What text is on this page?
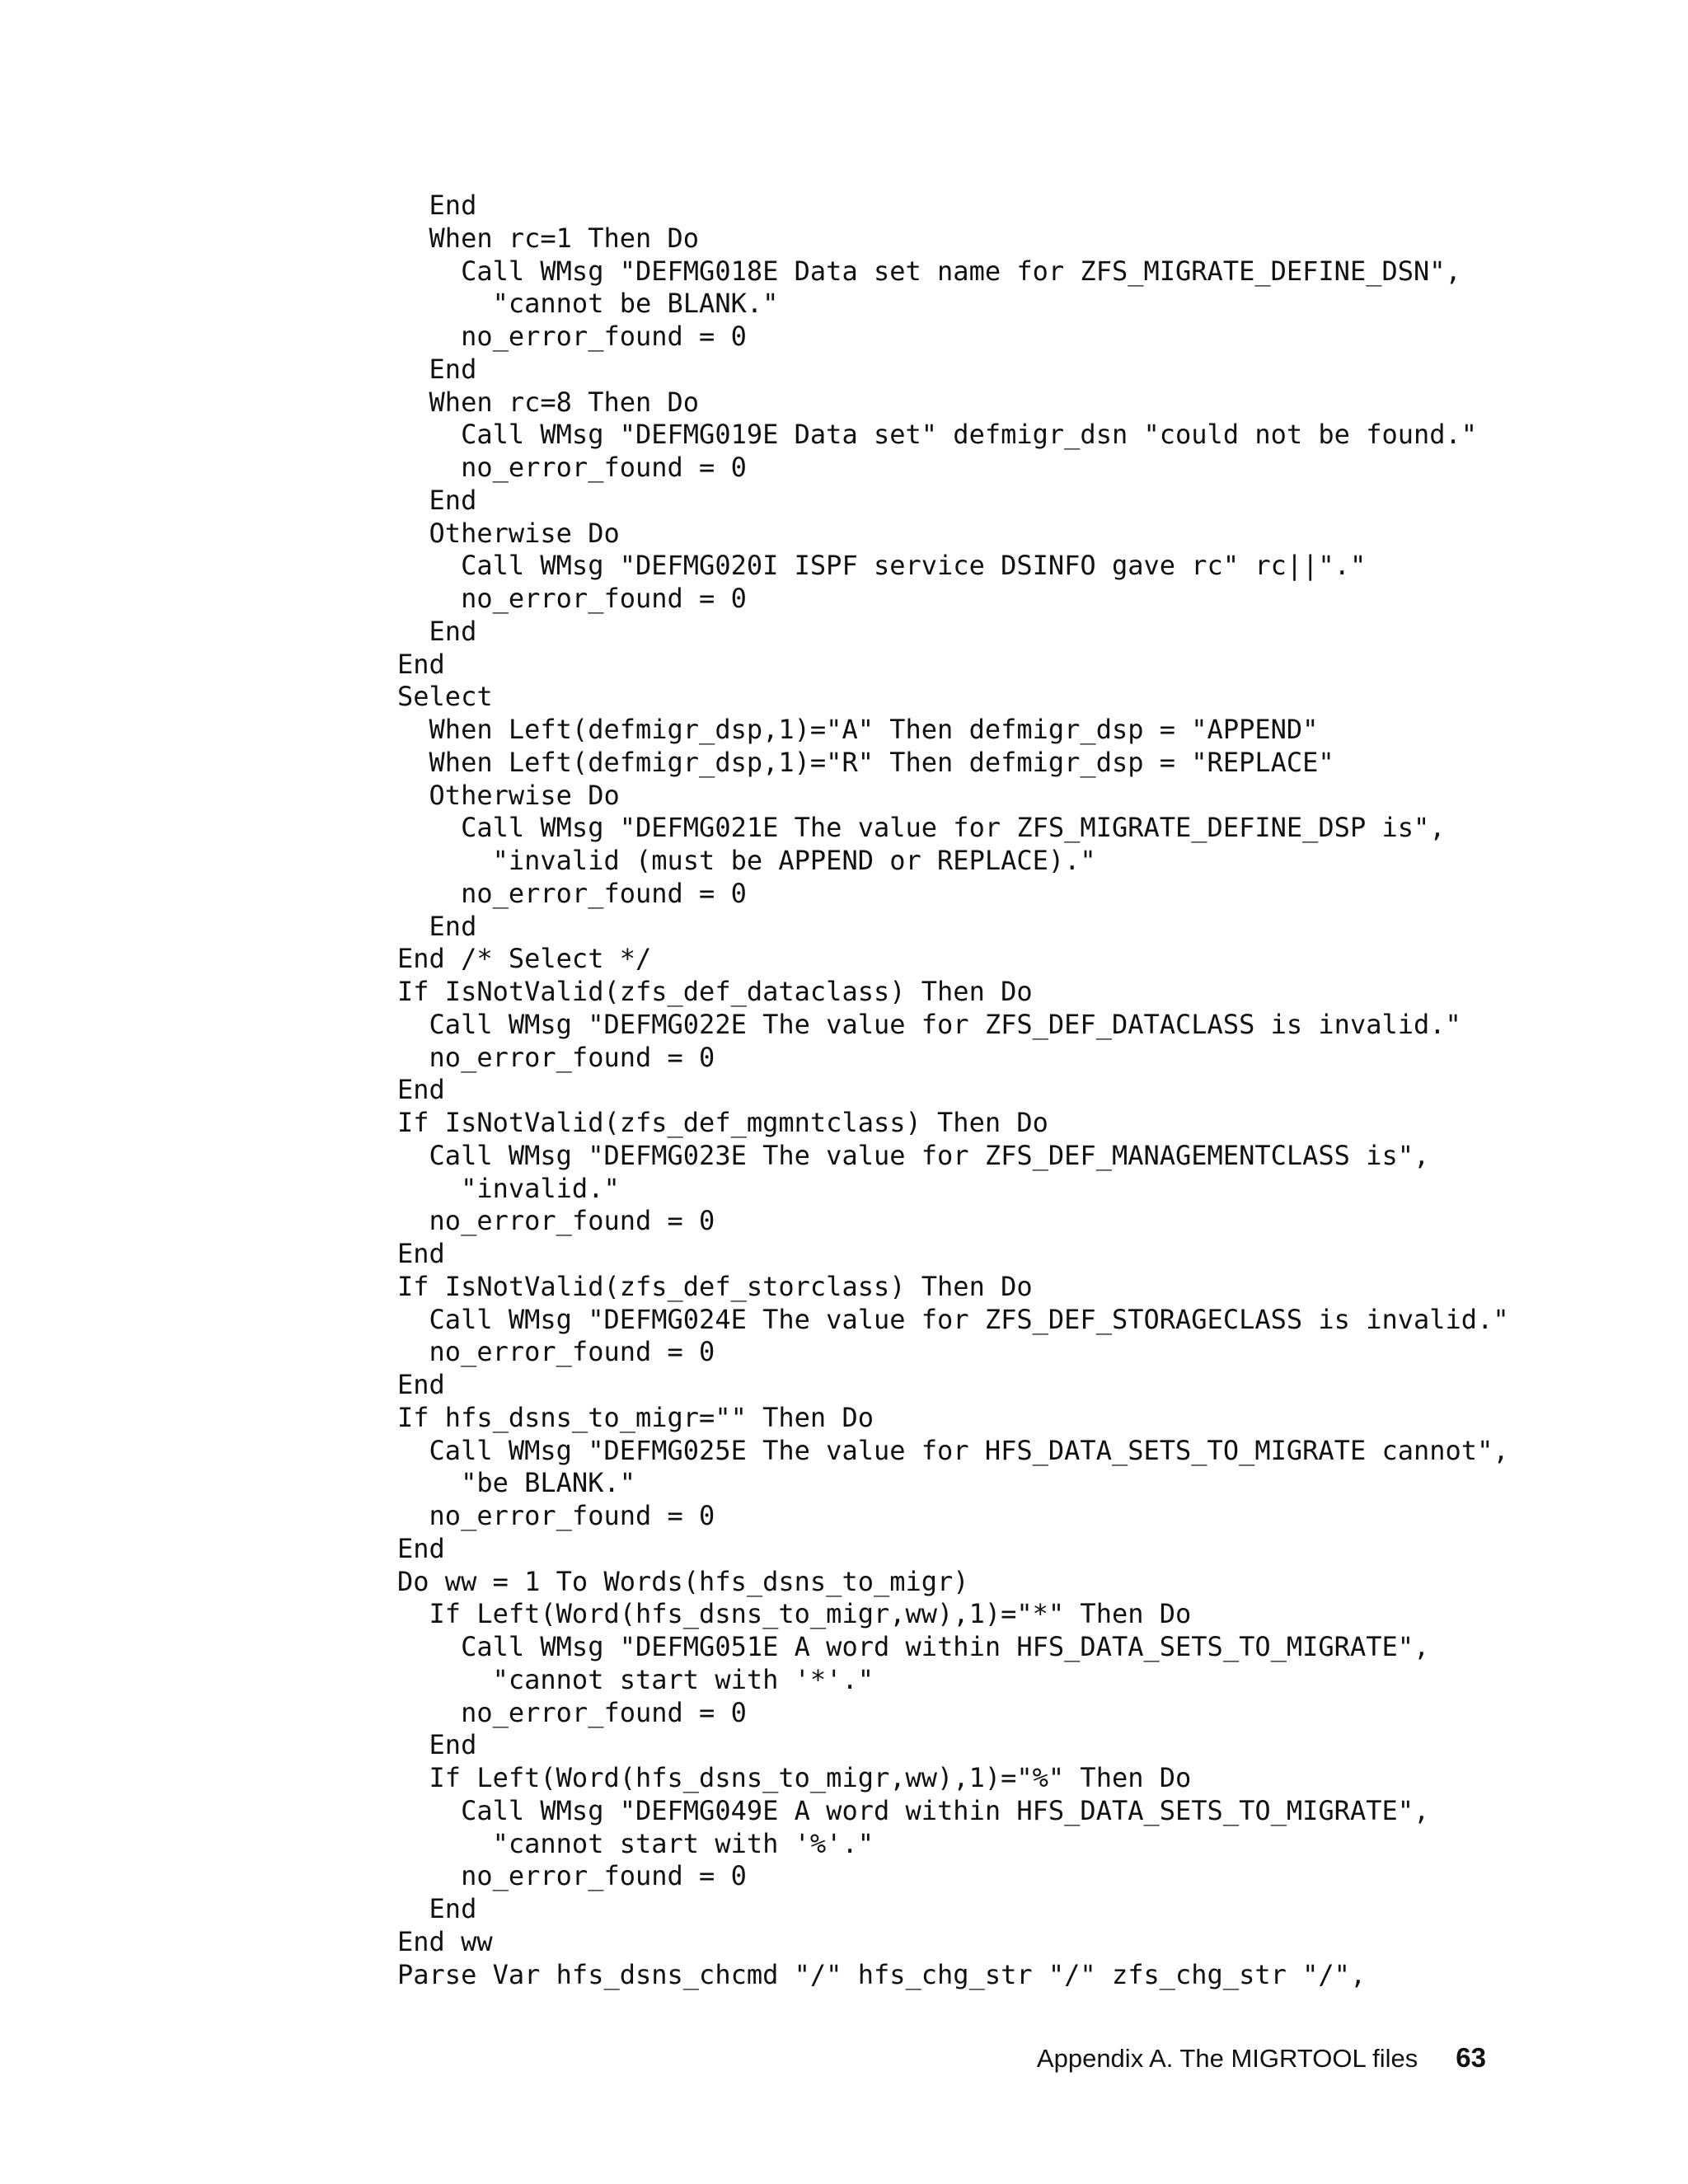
End
When rc=1 Then Do
Call WMsg "DEFMG018E Data set name for ZFS_MIGRATE_DEFINE_DSN",
"cannot be BLANK."
no_error_found = 0
End
When rc=8 Then Do
Call WMsg "DEFMG019E Data set" defmigr_dsn "could not be found."
no_error_found = 0
End
Otherwise Do
Call WMsg "DEFMG020I ISPF service DSINFO gave rc" rc||"."
no_error_found = 0
End
End
Select
When Left(defmigr_dsp,1)="A" Then defmigr_dsp = "APPEND"
When Left(defmigr_dsp,1)="R" Then defmigr_dsp = "REPLACE"
Otherwise Do
Call WMsg "DEFMG021E The value for ZFS_MIGRATE_DEFINE_DSP is",
"invalid (must be APPEND or REPLACE)."
no_error_found = 0
End
End /* Select */
If IsNotValid(zfs_def_dataclass) Then Do
Call WMsg "DEFMG022E The value for ZFS_DEF_DATACLASS is invalid."
no_error_found = 0
End
If IsNotValid(zfs_def_mgmntclass) Then Do
Call WMsg "DEFMG023E The value for ZFS_DEF_MANAGEMENTCLASS is",
"invalid."
no_error_found = 0
End
If IsNotValid(zfs_def_storclass) Then Do
Call WMsg "DEFMG024E The value for ZFS_DEF_STORAGECLASS is invalid."
no_error_found = 0
End
If hfs_dsns_to_migr="" Then Do
Call WMsg "DEFMG025E The value for HFS_DATA_SETS_TO_MIGRATE cannot",
"be BLANK."
no_error_found = 0
End
Do ww = 1 To Words(hfs_dsns_to_migr)
If Left(Word(hfs_dsns_to_migr,ww),1)="*" Then Do
Call WMsg "DEFMG051E A word within HFS_DATA_SETS_TO_MIGRATE",
"cannot start with '*'."
no_error_found = 0
End
If Left(Word(hfs_dsns_to_migr,ww),1)="%" Then Do
Call WMsg "DEFMG049E A word within HFS_DATA_SETS_TO_MIGRATE",
"cannot start with '%'."
no_error_found = 0
End
End ww
Parse Var hfs_dsns_chcmd "/" hfs_chg_str "/" zfs_chg_str "/",
Appendix A. The MIGRTOOL files 63
